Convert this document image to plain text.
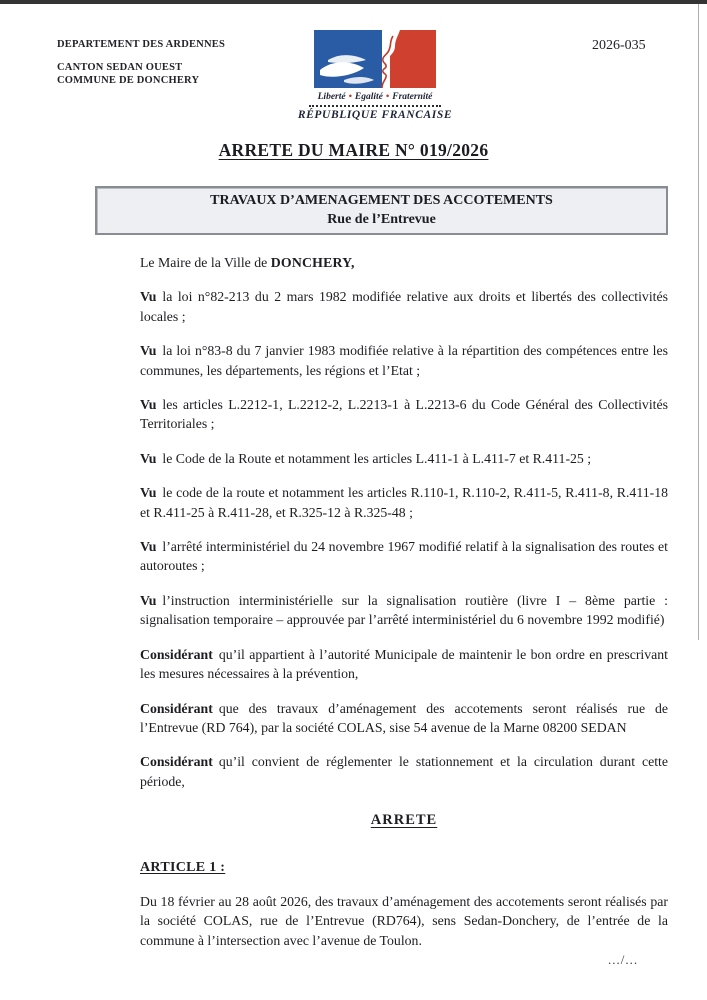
DEPARTEMENT DES ARDENNES
CANTON SEDAN OUEST
COMMUNE DE DONCHERY
Liberté • Egalité • Fraternité
RÉPUBLIQUE FRANCAISE
2026-035
ARRETE DU MAIRE N° 019/2026
TRAVAUX D’AMENAGEMENT DES ACCOTEMENTS
Rue de l’Entrevue

Le Maire de la Ville de DONCHERY,

Vu la loi n°82-213 du 2 mars 1982 modifiée relative aux droits et libertés des collectivités locales ;

Vu la loi n°83-8 du 7 janvier 1983 modifiée relative à la répartition des compétences entre les communes, les départements, les régions et l’Etat ;

Vu les articles L.2212-1, L.2212-2, L.2213-1 à L.2213-6 du Code Général des Collectivités Territoriales ;

Vu le Code de la Route et notamment les articles L.411-1 à L.411-7 et R.411-25 ;

Vu le code de la route et notamment les articles R.110-1, R.110-2, R.411-5, R.411-8, R.411-18 et R.411-25 à R.411-28, et R.325-12 à R.325-48 ;

Vu l’arrêté interministériel du 24 novembre 1967 modifié relatif à la signalisation des routes et autoroutes ;

Vu l’instruction interministérielle sur la signalisation routière (livre I – 8ème partie : signalisation temporaire – approuvée par l’arrêté interministériel du 6 novembre 1992 modifié)

Considérant qu’il appartient à l’autorité Municipale de maintenir le bon ordre en prescrivant les mesures nécessaires à la prévention,

Considérant que des travaux d’aménagement des accotements seront réalisés rue de l’Entrevue (RD 764), par la société COLAS, sise 54 avenue de la Marne 08200 SEDAN

Considérant qu’il convient de réglementer le stationnement et la circulation durant cette période,

ARRETE

ARTICLE 1 :

Du 18 février au 28 août 2026, des travaux d’aménagement des accotements seront réalisés par la société COLAS, rue de l’Entrevue (RD764), sens Sedan-Donchery, de l’entrée de la commune à l’intersection avec l’avenue de Toulon.

.../...
